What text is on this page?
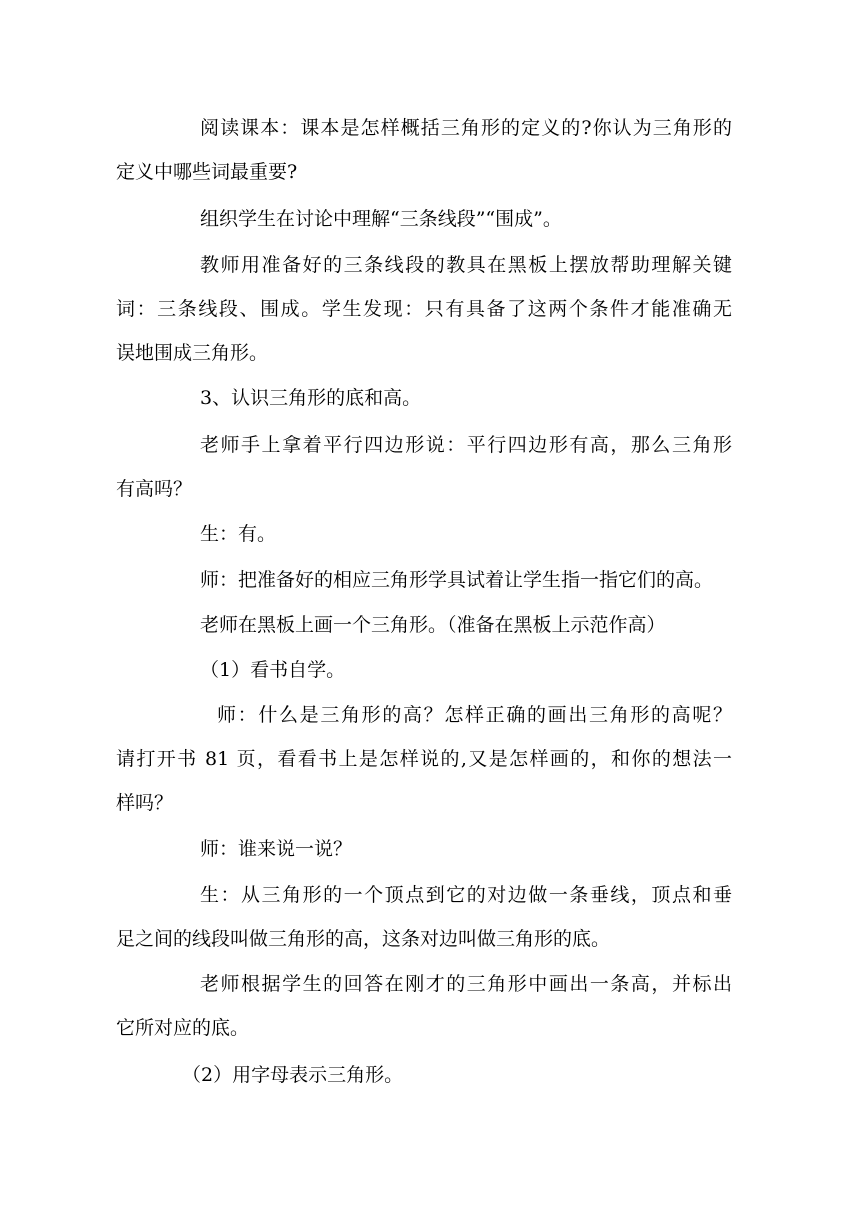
阅读课本：课本是怎样概括三角形的定义的?你认为三角形的
定义中哪些词最重要?
组织学生在讨论中理解“三条线段”“围成”。
教师用准备好的三条线段的教具在黑板上摆放帮助理解关键
词：三条线段、围成。学生发现：只有具备了这两个条件才能准确无
误地围成三角形。
3、认识三角形的底和高。
老师手上拿着平行四边形说：平行四边形有高，那么三角形
有高吗？
生：有。
师：把准备好的相应三角形学具试着让学生指一指它们的高。
老师在黑板上画一个三角形。（准备在黑板上示范作高）
（1）看书自学。
师：什么是三角形的高？怎样正确的画出三角形的高呢？
请打开书 81 页，看看书上是怎样说的,又是怎样画的，和你的想法一
样吗？
师：谁来说一说？
生：从三角形的一个顶点到它的对边做一条垂线，顶点和垂
足之间的线段叫做三角形的高，这条对边叫做三角形的底。
老师根据学生的回答在刚才的三角形中画出一条高，并标出
它所对应的底。
（2）用字母表示三角形。
